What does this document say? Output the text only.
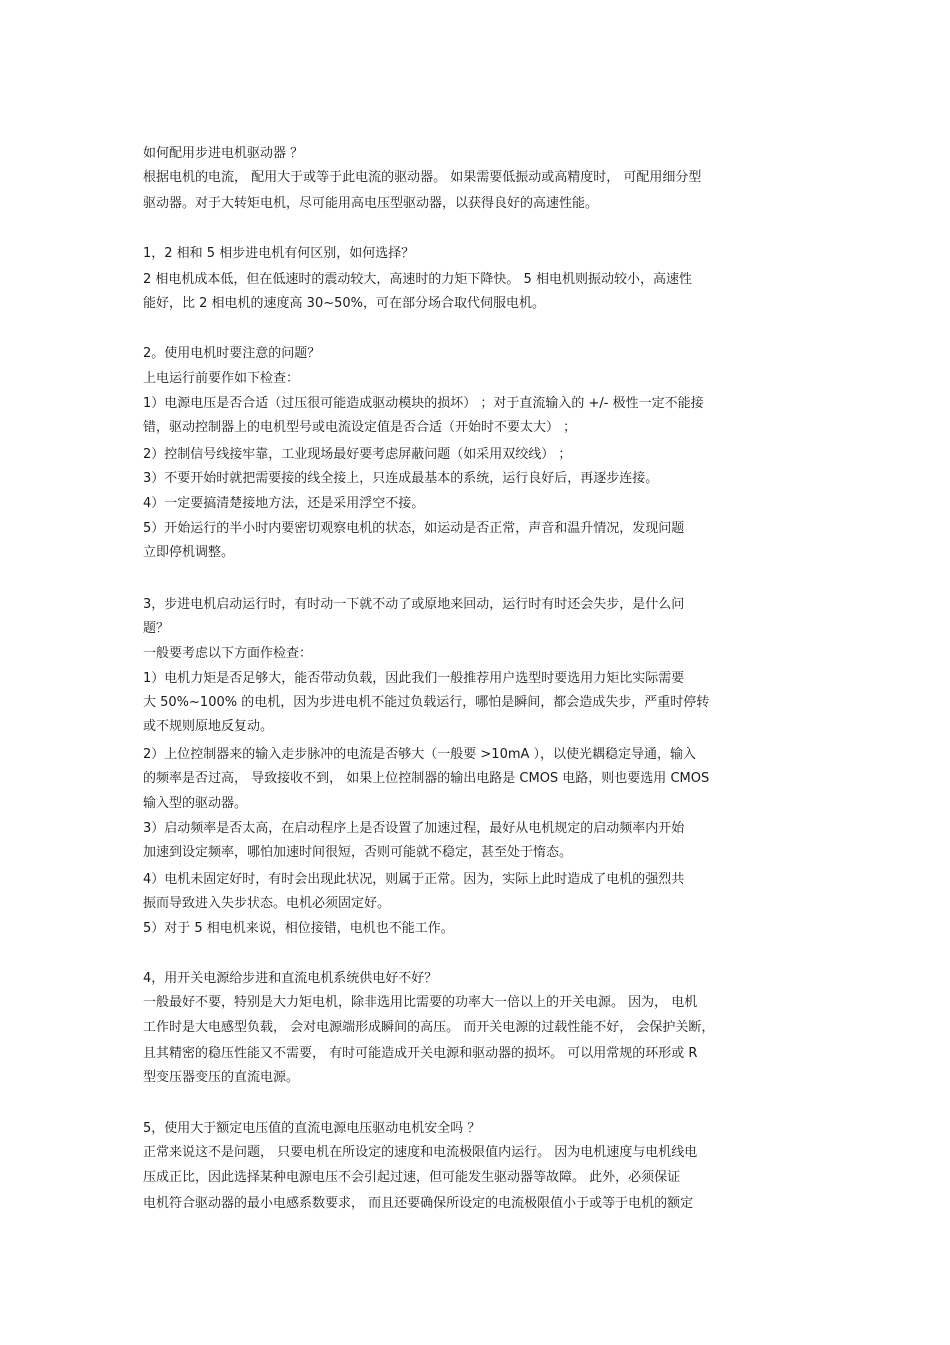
如何配用步进电机驱动器 ？
根据电机的电流， 配用大于或等于此电流的驱动器。 如果需要低振动或高精度时， 可配用细分型
驱动器。对于大转矩电机，尽可能用高电压型驱动器，以获得良好的高速性能。
1，2 相和 5 相步进电机有何区别，如何选择？
2 相电机成本低，但在低速时的震动较大，高速时的力矩下降快。 5 相电机则振动较小，高速性
能好，比 2 相电机的速度高 30~50%，可在部分场合取代伺服电机。
2。使用电机时要注意的问题？
上电运行前要作如下检查：
1）电源电压是否合适（过压很可能造成驱动模块的损坏） ；对于直流输入的 +/- 极性一定不能接
错，驱动控制器上的电机型号或电流设定值是否合适（开始时不要太大） ；
2）控制信号线接牢靠，工业现场最好要考虑屏蔽问题（如采用双绞线） ；
3）不要开始时就把需要接的线全接上，只连成最基本的系统，运行良好后，再逐步连接。
4）一定要搞清楚接地方法，还是采用浮空不接。
5）开始运行的半小时内要密切观察电机的状态，如运动是否正常，声音和温升情况，发现问题
立即停机调整。
3，步进电机启动运行时，有时动一下就不动了或原地来回动，运行时有时还会失步，是什么问
题？
一般要考虑以下方面作检查：
1）电机力矩是否足够大，能否带动负载，因此我们一般推荐用户选型时要选用力矩比实际需要
大 50%~100% 的电机，因为步进电机不能过负载运行，哪怕是瞬间，都会造成失步，严重时停转
或不规则原地反复动。
2）上位控制器来的输入走步脉冲的电流是否够大（一般要 >10mA ），以使光耦稳定导通，输入
的频率是否过高， 导致接收不到， 如果上位控制器的输出电路是 CMOS 电路，则也要选用 CMOS
输入型的驱动器。
3）启动频率是否太高，在启动程序上是否设置了加速过程，最好从电机规定的启动频率内开始
加速到设定频率，哪怕加速时间很短，否则可能就不稳定，甚至处于惰态。
4）电机未固定好时，有时会出现此状况，则属于正常。因为，实际上此时造成了电机的强烈共
振而导致进入失步状态。电机必须固定好。
5）对于 5 相电机来说，相位接错，电机也不能工作。
4，用开关电源给步进和直流电机系统供电好不好？
一般最好不要，特别是大力矩电机，除非选用比需要的功率大一倍以上的开关电源。 因为， 电机
工作时是大电感型负载， 会对电源端形成瞬间的高压。 而开关电源的过载性能不好， 会保护关断，
且其精密的稳压性能又不需要， 有时可能造成开关电源和驱动器的损坏。 可以用常规的环形或 R
型变压器变压的直流电源。
5，使用大于额定电压值的直流电源电压驱动电机安全吗 ？
正常来说这不是问题， 只要电机在所设定的速度和电流极限值内运行。 因为电机速度与电机线电
压成正比，因此选择某种电源电压不会引起过速，但可能发生驱动器等故障。 此外，必须保证
电机符合驱动器的最小电感系数要求， 而且还要确保所设定的电流极限值小于或等于电机的额定
